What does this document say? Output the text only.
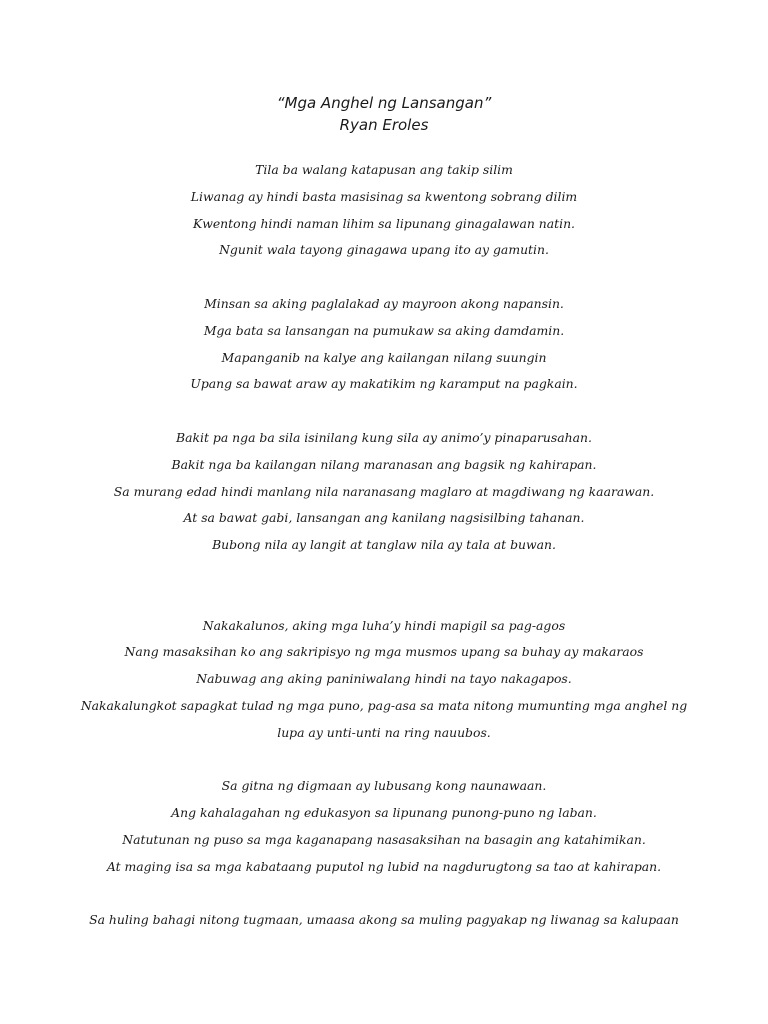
“Mga Anghel ng Lansangan”
Ryan Eroles
Tila ba walang katapusan ang takip silim
Liwanag ay hindi basta masisinag sa kwentong sobrang dilim
Kwentong hindi naman lihim sa lipunang ginagalawan natin.
Ngunit wala tayong ginagawa upang ito ay gamutin.
Minsan sa aking paglalakad ay mayroon akong napansin.
Mga bata sa lansangan na pumukaw sa aking damdamin.
Mapanganib na kalye ang kailangan nilang suungin
Upang sa bawat araw ay makatikim ng karamput na pagkain.
Bakit pa nga ba sila isinilang kung sila ay animo’y pinaparusahan.
Bakit nga ba kailangan nilang maranasan ang bagsik ng kahirapan.
Sa murang edad hindi manlang nila naranasang maglaro at magdiwang ng kaarawan.
At sa bawat gabi, lansangan ang kanilang nagsisilbing tahanan.
Bubong nila ay langit at tanglaw nila ay tala at buwan.
Nakakalunos, aking mga luha’y hindi mapigil sa pag-agos
Nang masaksihan ko ang sakripisyo ng mga musmos upang sa buhay ay makaraos
Nabuwag ang aking paniniwalang hindi na tayo nakagapos.
Nakakalungkot sapagkat tulad ng mga puno, pag-asa sa mata nitong mumunting mga anghel ng
lupa ay unti-unti na ring nauubos.
Sa gitna ng digmaan ay lubusang kong naunawaan.
Ang kahalagahan ng edukasyon sa lipunang punong-puno ng laban.
Natutunan ng puso sa mga kaganapang nasasaksihan na basagin ang katahimikan.
At maging isa sa mga kabataang puputol ng lubid na nagdurugtong sa tao at kahirapan.
Sa huling bahagi nitong tugmaan, umaasa akong sa muling pagyakap ng liwanag sa kalupaan
